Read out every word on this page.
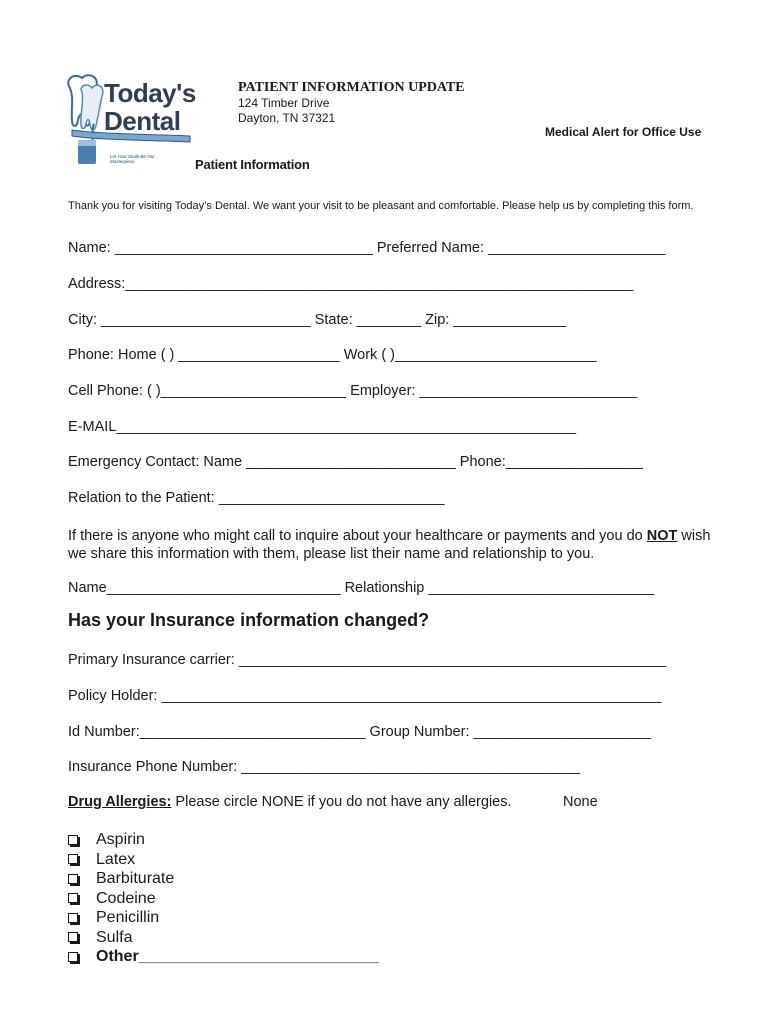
Today's
Dental
Let Your Smile Be Our Masterpiece
PATIENT INFORMATION UPDATE
124 Timber Drive
Dayton, TN 37321
Medical Alert for Office Use
Patient Information
Thank you for visiting Today’s Dental. We want your visit to be pleasant and comfortable. Please help us by completing this form.
Name: ________________________________ Preferred Name: ______________________
Address:_______________________________________________________________
City: __________________________ State: ________ Zip: ______________
Phone: Home ( ) ____________________ Work ( )_________________________
Cell Phone: ( )_______________________ Employer: ___________________________
E-MAIL_________________________________________________________
Emergency Contact: Name __________________________ Phone:_________________
Relation to the Patient: ____________________________
If there is anyone who might call to inquire about your healthcare or payments and you do NOT wish we share this information with them, please list their name and relationship to you.
Name_____________________________ Relationship ____________________________
Has your Insurance information changed?
Primary Insurance carrier: _____________________________________________________
Policy Holder: ______________________________________________________________
Id Number:____________________________ Group Number: ______________________
Insurance Phone Number: __________________________________________
Drug Allergies: Please circle NONE if you do not have any allergies.	None
Aspirin
Latex
Barbiturate
Codeine
Penicillin
Sulfa
Other ___________________________
